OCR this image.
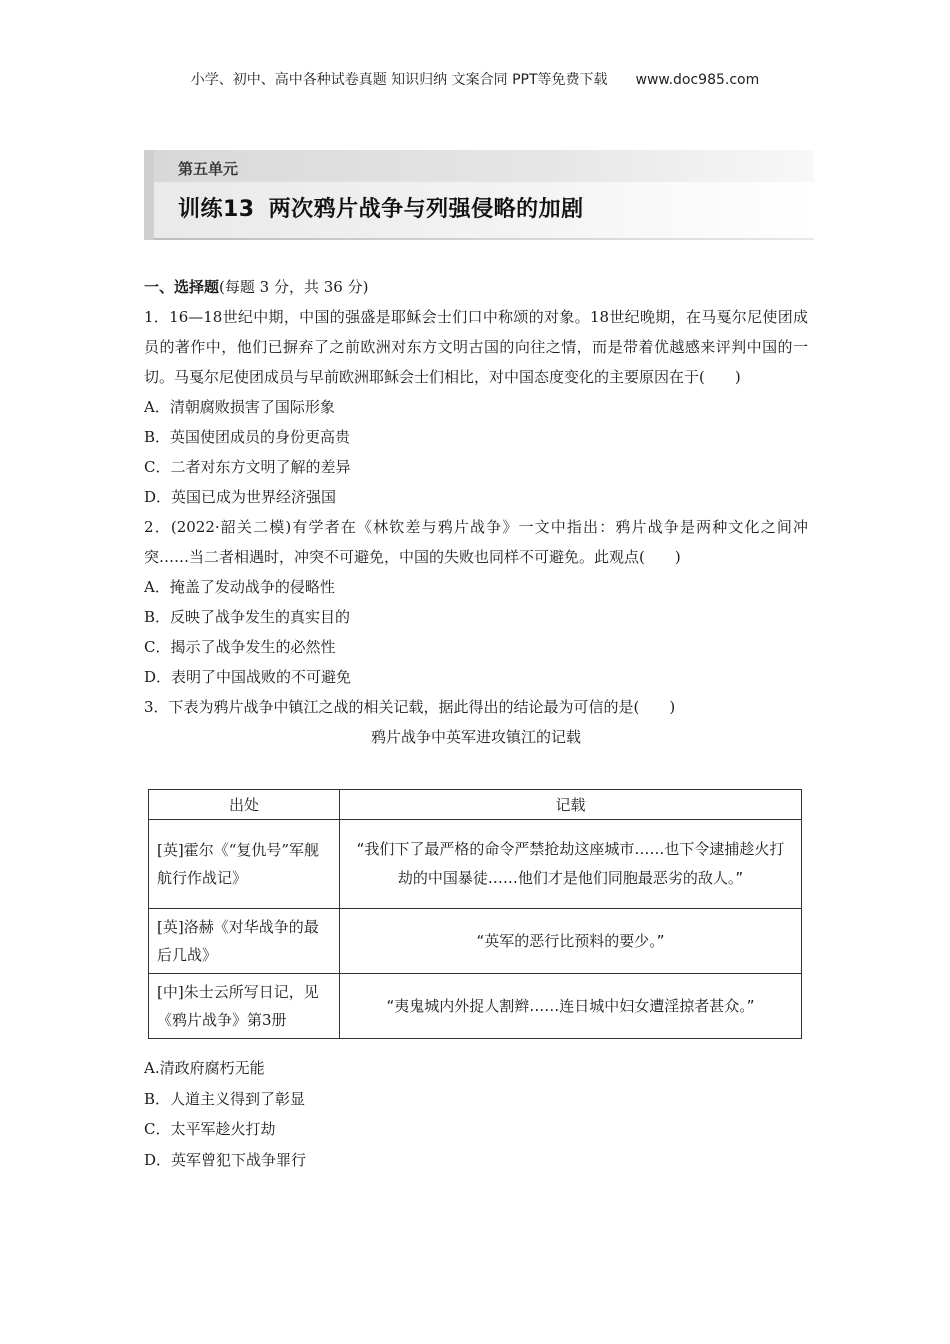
小学、初中、高中各种试卷真题 知识归纳 文案合同 PPT等免费下载 www.doc985.com
第五单元
训练13 两次鸦片战争与列强侵略的加剧

一、选择题(每题 3 分，共 36 分)

1．16—18世纪中期，中国的强盛是耶稣会士们口中称颂的对象。18世纪晚期，在马戛尔尼使团成员的著作中，他们已摒弃了之前欧洲对东方文明古国的向往之情，而是带着优越感来评判中国的一切。马戛尔尼使团成员与早前欧洲耶稣会士们相比，对中国态度变化的主要原因在于(　　)

A．清朝腐败损害了国际形象

B．英国使团成员的身份更高贵

C．二者对东方文明了解的差异

D．英国已成为世界经济强国

2．(2022·韶关二模)有学者在《林钦差与鸦片战争》一文中指出：鸦片战争是两种文化之间冲突……当二者相遇时，冲突不可避免，中国的失败也同样不可避免。此观点(　　)

A．掩盖了发动战争的侵略性

B．反映了战争发生的真实目的

C．揭示了战争发生的必然性

D．表明了中国战败的不可避免

3．下表为鸦片战争中镇江之战的相关记载，据此得出的结论最为可信的是(　　)

鸦片战争中英军进攻镇江的记载

出处	记载
[英]霍尔《“复仇号”军舰航行作战记》	“我们下了最严格的命令严禁抢劫这座城市……也下令逮捕趁火打劫的中国暴徒……他们才是他们同胞最恶劣的敌人。”
[英]洛赫《对华战争的最后几战》	“英军的恶行比预料的要少。”
[中]朱士云所写日记，见《鸦片战争》第3册	“夷鬼城内外捉人割辫……连日城中妇女遭淫掠者甚众。”

A.清政府腐朽无能

B．人道主义得到了彰显

C．太平军趁火打劫

D．英军曾犯下战争罪行
